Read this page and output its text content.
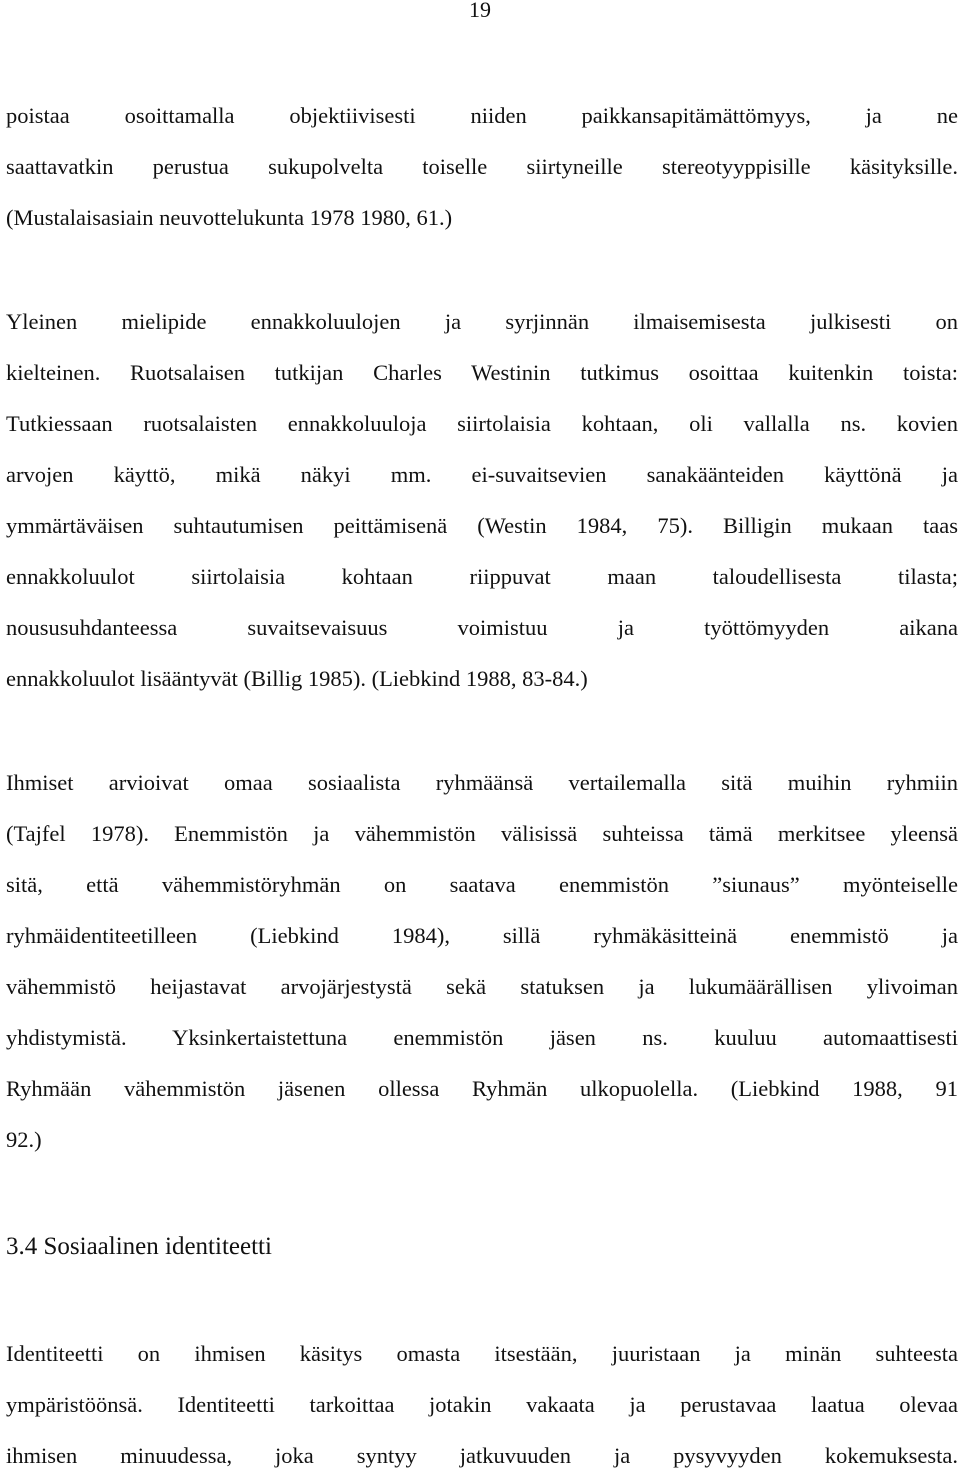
19
poistaa osoittamalla objektiivisesti niiden paikkansapitämättömyys, ja ne
saattavatkin perustua sukupolvelta toiselle siirtyneille stereotyyppisille käsityksille.
(Mustalaisasiain neuvottelukunta 1978 1980, 61.)
Yleinen mielipide ennakkoluulojen ja syrjinnän ilmaisemisesta julkisesti on
kielteinen. Ruotsalaisen tutkijan Charles Westinin tutkimus osoittaa kuitenkin toista:
Tutkiessaan ruotsalaisten ennakkoluuloja siirtolaisia kohtaan, oli vallalla ns. kovien
arvojen käyttö, mikä näkyi mm. ei-suvaitsevien sanakäänteiden käyttönä ja
ymmärtäväisen suhtautumisen peittämisenä (Westin 1984, 75). Billigin mukaan taas
ennakkoluulot siirtolaisia kohtaan riippuvat maan taloudellisesta tilasta;
noususuhdanteessa suvaitsevaisuus voimistuu ja työttömyyden aikana
ennakkoluulot lisääntyvät (Billig 1985). (Liebkind 1988, 83-84.)
Ihmiset arvioivat omaa sosiaalista ryhmäänsä vertailemalla sitä muihin ryhmiin
(Tajfel 1978). Enemmistön ja vähemmistön välisissä suhteissa tämä merkitsee yleensä
sitä, että vähemmistöryhmän on saatava enemmistön ”siunaus” myönteiselle
ryhmäidentiteetilleen (Liebkind 1984), sillä ryhmäkäsitteinä enemmistö ja
vähemmistö heijastavat arvojärjestystä sekä statuksen ja lukumäärällisen ylivoiman
yhdistymistä. Yksinkertaistettuna enemmistön jäsen ns. kuuluu automaattisesti
Ryhmään vähemmistön jäsenen ollessa Ryhmän ulkopuolella. (Liebkind 1988, 91
92.)
3.4 Sosiaalinen identiteetti
Identiteetti on ihmisen käsitys omasta itsestään, juuristaan ja minän suhteesta
ympäristöönsä. Identiteetti tarkoittaa jotakin vakaata ja perustavaa laatua olevaa
ihmisen minuudessa, joka syntyy jatkuvuuden ja pysyvyyden kokemuksesta.
